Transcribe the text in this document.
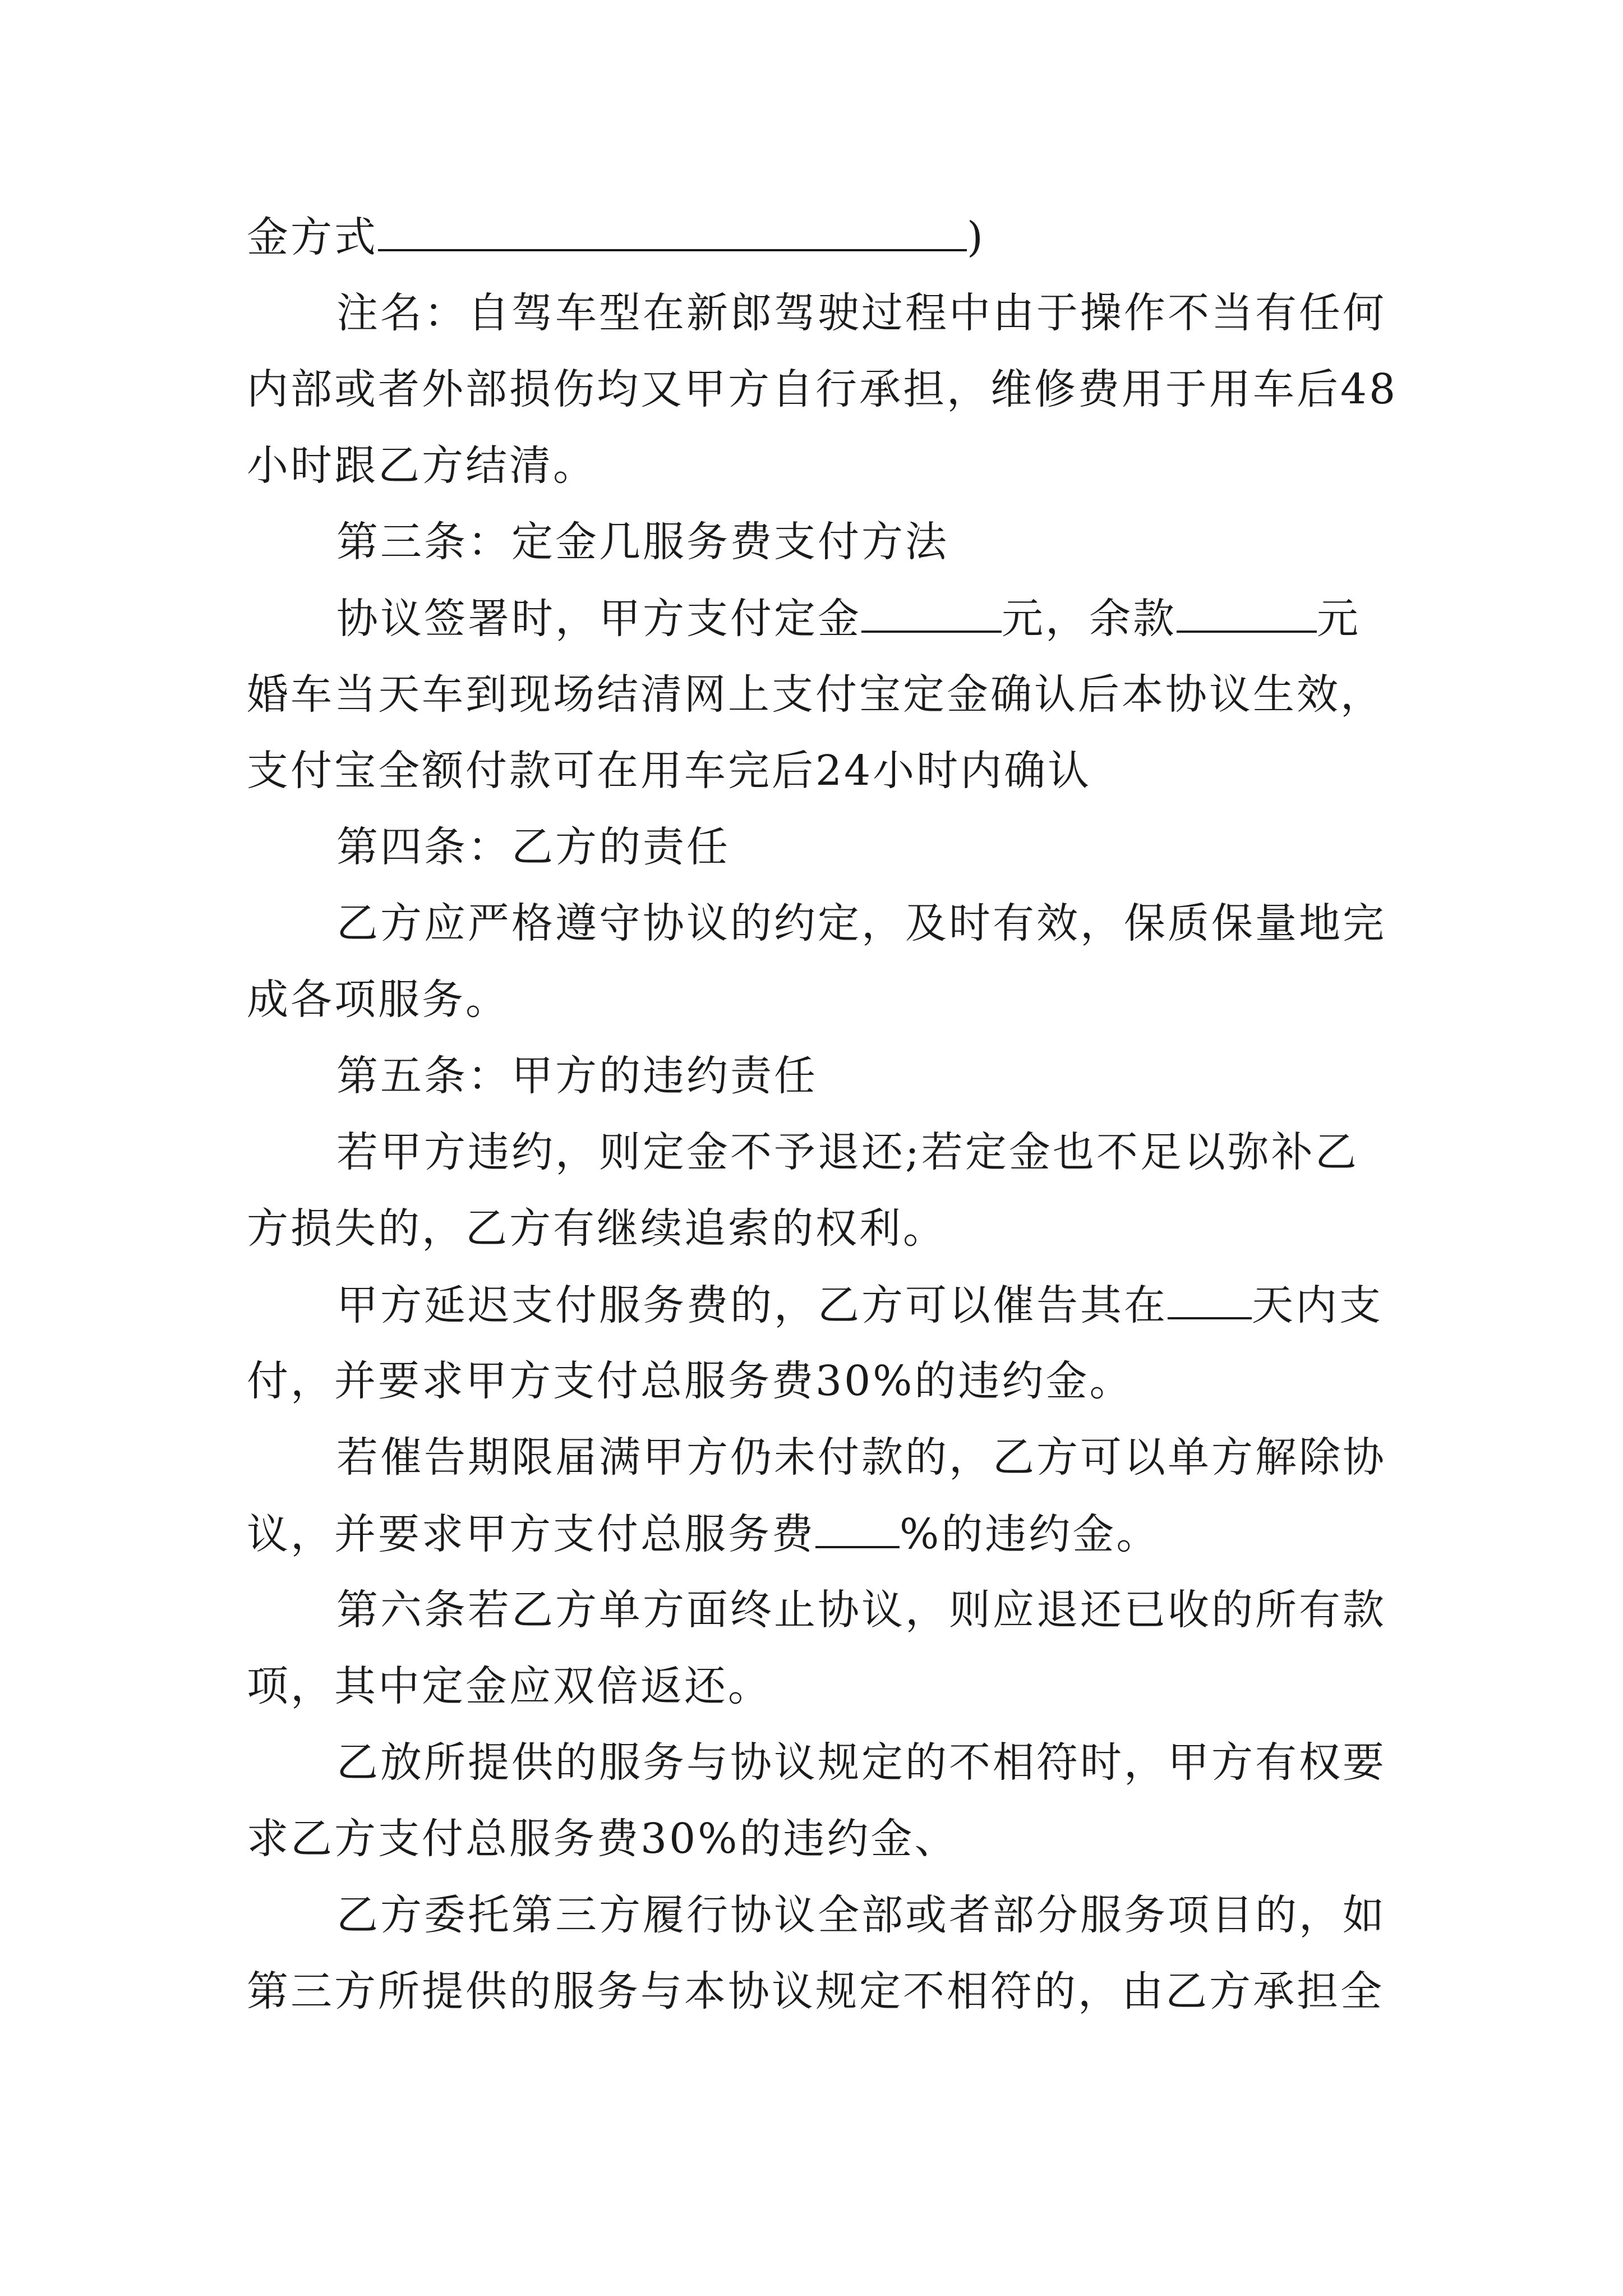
金方式	)
注名：自驾车型在新郎驾驶过程中由于操作不当有任何
内部或者外部损伤均又甲方自行承担，维修费用于用车后48
小时跟乙方结清。
第三条：定金几服务费支付方法
协议签署时，甲方支付定金	元，余款	元
婚车当天车到现场结清网上支付宝定金确认后本协议生效，
支付宝全额付款可在用车完后24小时内确认
第四条：乙方的责任
乙方应严格遵守协议的约定，及时有效，保质保量地完
成各项服务。
第五条：甲方的违约责任
若甲方违约，则定金不予退还;若定金也不足以弥补乙
方损失的，乙方有继续追索的权利。
甲方延迟支付服务费的，乙方可以催告其在 天内支
付，并要求甲方支付总服务费30%的违约金。
若催告期限届满甲方仍未付款的，乙方可以单方解除协
议，并要求甲方支付总服务费 %的违约金。
第六条若乙方单方面终止协议，则应退还已收的所有款
项，其中定金应双倍返还。
乙放所提供的服务与协议规定的不相符时，甲方有权要
求乙方支付总服务费30%的违约金、
乙方委托第三方履行协议全部或者部分服务项目的，如
第三方所提供的服务与本协议规定不相符的，由乙方承担全
